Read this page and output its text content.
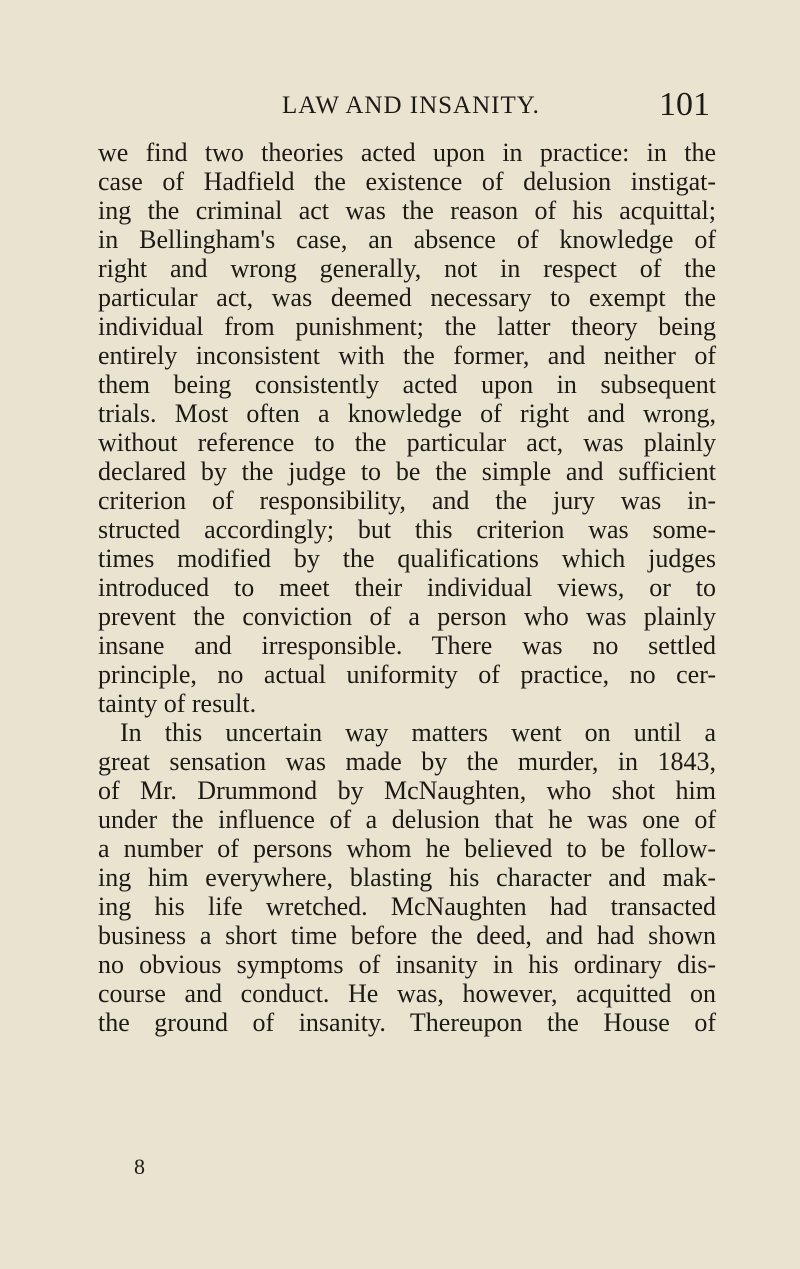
LAW AND INSANITY.	101
we find two theories acted upon in practice: in the
case of Hadfield the existence of delusion instigat-
ing the criminal act was the reason of his acquittal;
in Bellingham's case, an absence of knowledge of
right and wrong generally, not in respect of the
particular act, was deemed necessary to exempt the
individual from punishment; the latter theory being
entirely inconsistent with the former, and neither of
them being consistently acted upon in subsequent
trials. Most often a knowledge of right and wrong,
without reference to the particular act, was plainly
declared by the judge to be the simple and sufficient
criterion of responsibility, and the jury was in-
structed accordingly; but this criterion was some-
times modified by the qualifications which judges
introduced to meet their individual views, or to
prevent the conviction of a person who was plainly
insane and irresponsible. There was no settled
principle, no actual uniformity of practice, no cer-
tainty of result.
In this uncertain way matters went on until a
great sensation was made by the murder, in 1843,
of Mr. Drummond by McNaughten, who shot him
under the influence of a delusion that he was one of
a number of persons whom he believed to be follow-
ing him everywhere, blasting his character and mak-
ing his life wretched. McNaughten had transacted
business a short time before the deed, and had shown
no obvious symptoms of insanity in his ordinary dis-
course and conduct. He was, however, acquitted on
the ground of insanity. Thereupon the House of
8
